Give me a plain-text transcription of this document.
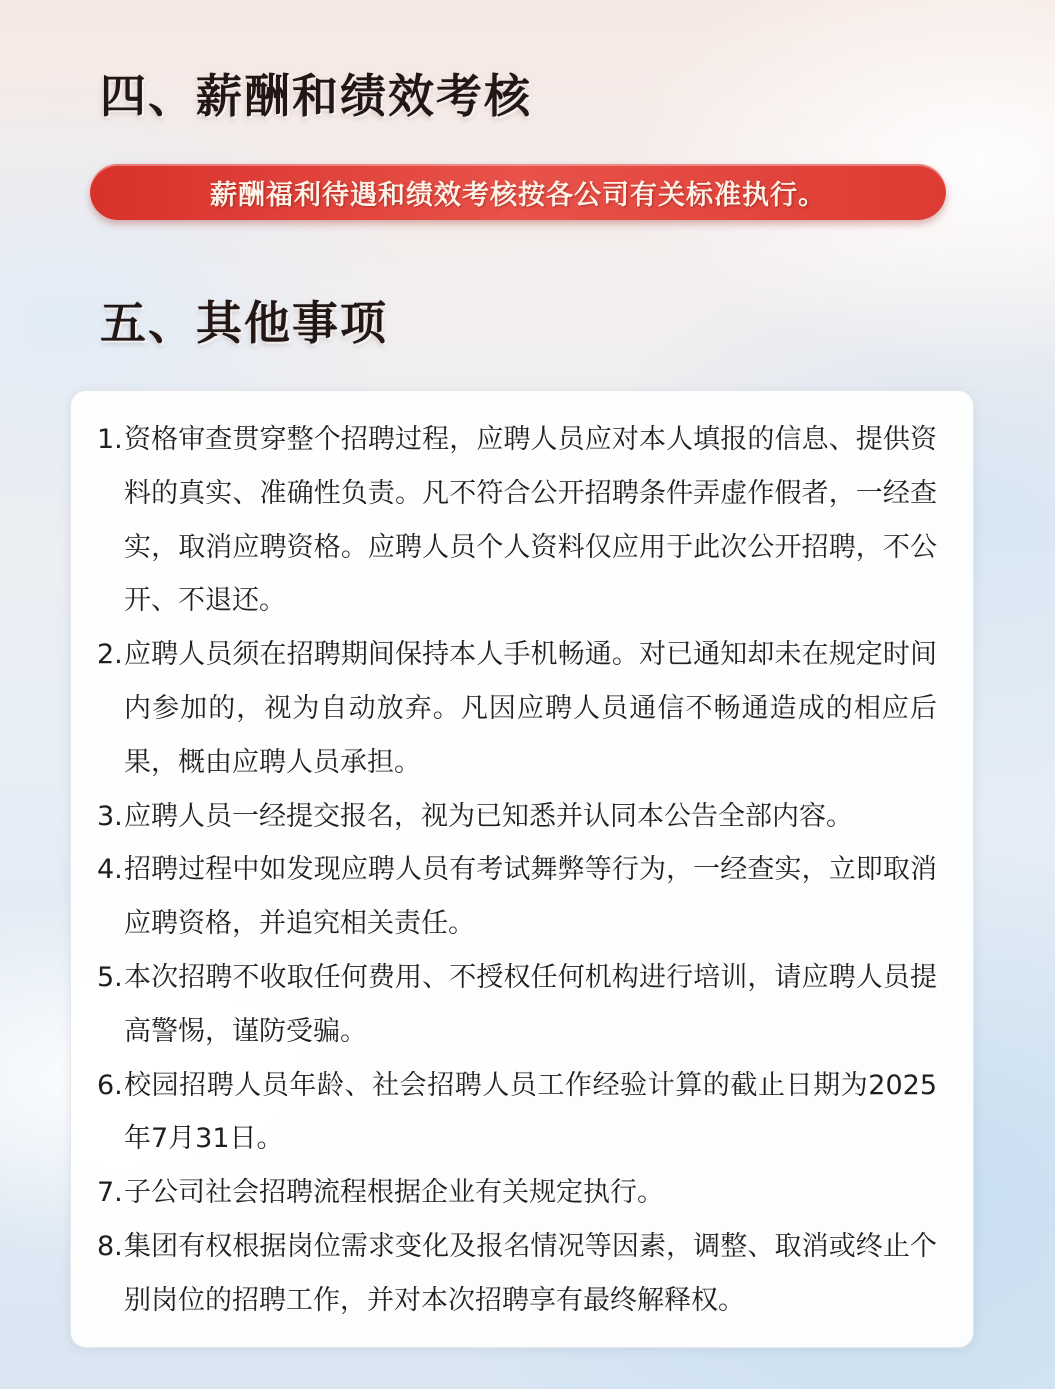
四、薪酬和绩效考核
薪酬福利待遇和绩效考核按各公司有关标准执行。
五、其他事项
1. 资格审查贯穿整个招聘过程，应聘人员应对本人填报的信息、提供资料的真实、准确性负责。凡不符合公开招聘条件弄虚作假者，一经查实，取消应聘资格。应聘人员个人资料仅应用于此次公开招聘，不公开、不退还。
2. 应聘人员须在招聘期间保持本人手机畅通。对已通知却未在规定时间内参加的，视为自动放弃。凡因应聘人员通信不畅通造成的相应后果，概由应聘人员承担。
3. 应聘人员一经提交报名，视为已知悉并认同本公告全部内容。
4. 招聘过程中如发现应聘人员有考试舞弊等行为，一经查实，立即取消应聘资格，并追究相关责任。
5. 本次招聘不收取任何费用、不授权任何机构进行培训，请应聘人员提高警惕，谨防受骗。
6. 校园招聘人员年龄、社会招聘人员工作经验计算的截止日期为2025年7月31日。
7. 子公司社会招聘流程根据企业有关规定执行。
8. 集团有权根据岗位需求变化及报名情况等因素，调整、取消或终止个别岗位的招聘工作，并对本次招聘享有最终解释权。
